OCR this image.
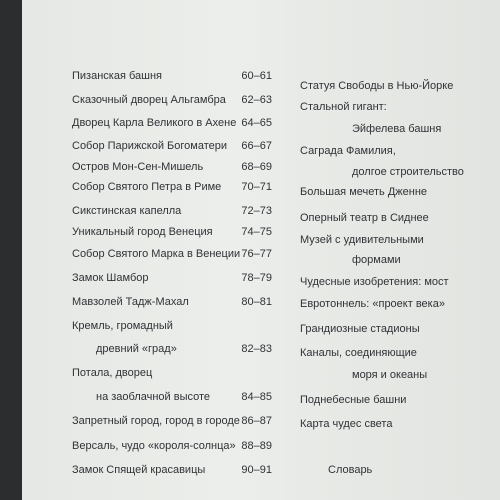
Пизанская башня	60–61
Сказочный дворец Альгамбра 62–63
Дворец Карла Великого в Ахене 64–65
Собор Парижской Богоматери 66–67
Остров Мон-Сен-Мишель	68–69
Собор Святого Петра в Риме 70–71
Сикстинская капелла	72–73
Уникальный город Венеция	74–75
Собор Святого Марка в Венеции 76–77
Замок Шамбор	78–79
Мавзолей Тадж-Махал	80–81
Кремль, громадный
древний «град»	82–83
Потала, дворец
на заоблачной высоте	84–85
Запретный город, город в городе 86–87
Версаль, чудо «короля-солнца» 88–89
Замок Спящей красавицы	90–91
Статуя Свободы в Нью-Йорке
Стальной гигант:
Эйфелева башня
Саграда Фамилия,
долгое строительство
Большая мечеть Дженне
Оперный театр в Сиднее
Музей с удивительными
формами
Чудесные изобретения: мост
Евротоннель: «проект века»
Грандиозные стадионы
Каналы, соединяющие
моря и океаны
Поднебесные башни
Карта чудес света
Словарь
